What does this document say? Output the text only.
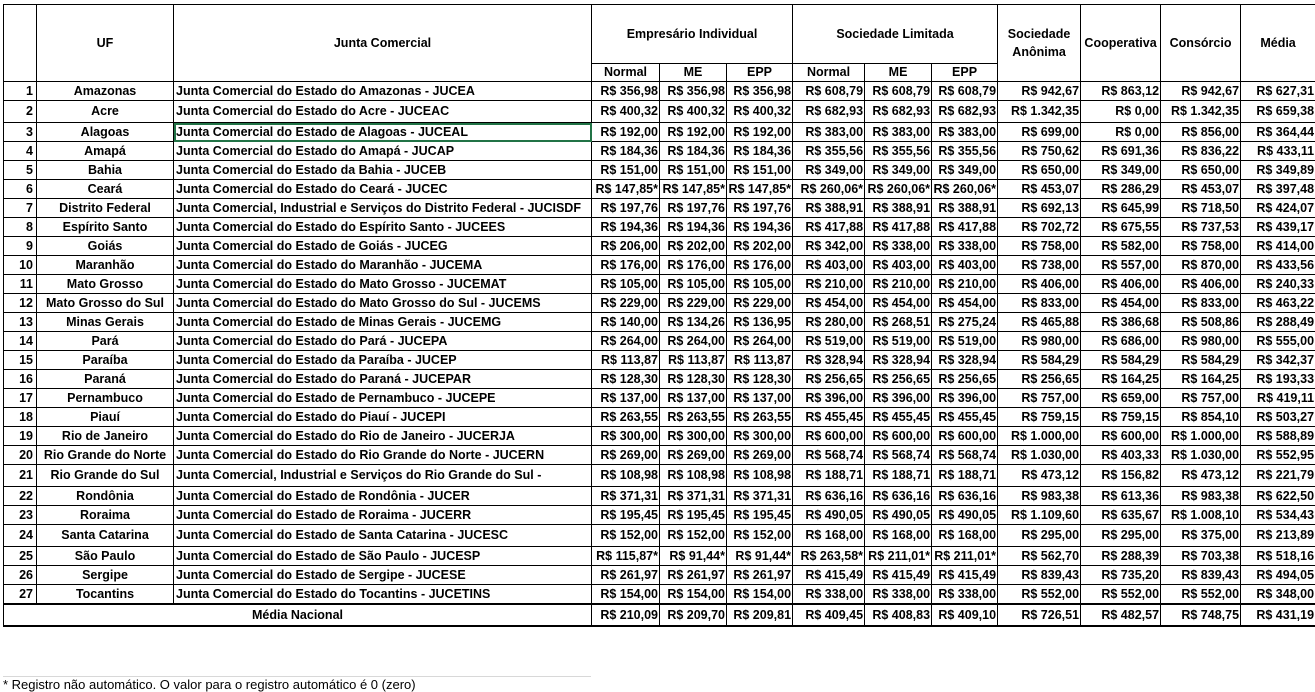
	UF	Junta Comercial	Empresário Individual			Sociedade Limitada			Sociedade Anônima	Cooperativa	Consórcio	Média
			Normal	ME	EPP	Normal	ME	EPP				
1	Amazonas	Junta Comercial do Estado do Amazonas - JUCEA	R$ 356,98	R$ 356,98	R$ 356,98	R$ 608,79	R$ 608,79	R$ 608,79	R$ 942,67	R$ 863,12	R$ 942,67	R$ 627,31
2	Acre	Junta Comercial do Estado do Acre - JUCEAC	R$ 400,32	R$ 400,32	R$ 400,32	R$ 682,93	R$ 682,93	R$ 682,93	R$ 1.342,35	R$ 0,00	R$ 1.342,35	R$ 659,38
3	Alagoas	Junta Comercial do Estado de Alagoas - JUCEAL	R$ 192,00	R$ 192,00	R$ 192,00	R$ 383,00	R$ 383,00	R$ 383,00	R$ 699,00	R$ 0,00	R$ 856,00	R$ 364,44
4	Amapá	Junta Comercial do Estado do Amapá - JUCAP	R$ 184,36	R$ 184,36	R$ 184,36	R$ 355,56	R$ 355,56	R$ 355,56	R$ 750,62	R$ 691,36	R$ 836,22	R$ 433,11
5	Bahia	Junta Comercial do Estado da Bahia - JUCEB	R$ 151,00	R$ 151,00	R$ 151,00	R$ 349,00	R$ 349,00	R$ 349,00	R$ 650,00	R$ 349,00	R$ 650,00	R$ 349,89
6	Ceará	Junta Comercial do Estado do Ceará - JUCEC	R$ 147,85*	R$ 147,85*	R$ 147,85*	R$ 260,06*	R$ 260,06*	R$ 260,06*	R$ 453,07	R$ 286,29	R$ 453,07	R$ 397,48
7	Distrito Federal	Junta Comercial, Industrial e Serviços do Distrito Federal - JUCISDF	R$ 197,76	R$ 197,76	R$ 197,76	R$ 388,91	R$ 388,91	R$ 388,91	R$ 692,13	R$ 645,99	R$ 718,50	R$ 424,07
8	Espírito Santo	Junta Comercial do Estado do Espírito Santo - JUCEES	R$ 194,36	R$ 194,36	R$ 194,36	R$ 417,88	R$ 417,88	R$ 417,88	R$ 702,72	R$ 675,55	R$ 737,53	R$ 439,17
9	Goiás	Junta Comercial do Estado de Goiás - JUCEG	R$ 206,00	R$ 202,00	R$ 202,00	R$ 342,00	R$ 338,00	R$ 338,00	R$ 758,00	R$ 582,00	R$ 758,00	R$ 414,00
10	Maranhão	Junta Comercial do Estado do Maranhão - JUCEMA	R$ 176,00	R$ 176,00	R$ 176,00	R$ 403,00	R$ 403,00	R$ 403,00	R$ 738,00	R$ 557,00	R$ 870,00	R$ 433,56
11	Mato Grosso	Junta Comercial do Estado do Mato Grosso - JUCEMAT	R$ 105,00	R$ 105,00	R$ 105,00	R$ 210,00	R$ 210,00	R$ 210,00	R$ 406,00	R$ 406,00	R$ 406,00	R$ 240,33
12	Mato Grosso do Sul	Junta Comercial do Estado do Mato Grosso do Sul - JUCEMS	R$ 229,00	R$ 229,00	R$ 229,00	R$ 454,00	R$ 454,00	R$ 454,00	R$ 833,00	R$ 454,00	R$ 833,00	R$ 463,22
13	Minas Gerais	Junta Comercial do Estado de Minas Gerais - JUCEMG	R$ 140,00	R$ 134,26	R$ 136,95	R$ 280,00	R$ 268,51	R$ 275,24	R$ 465,88	R$ 386,68	R$ 508,86	R$ 288,49
14	Pará	Junta Comercial do Estado do Pará - JUCEPA	R$ 264,00	R$ 264,00	R$ 264,00	R$ 519,00	R$ 519,00	R$ 519,00	R$ 980,00	R$ 686,00	R$ 980,00	R$ 555,00
15	Paraíba	Junta Comercial do Estado da Paraíba - JUCEP	R$ 113,87	R$ 113,87	R$ 113,87	R$ 328,94	R$ 328,94	R$ 328,94	R$ 584,29	R$ 584,29	R$ 584,29	R$ 342,37
16	Paraná	Junta Comercial do Estado do Paraná - JUCEPAR	R$ 128,30	R$ 128,30	R$ 128,30	R$ 256,65	R$ 256,65	R$ 256,65	R$ 256,65	R$ 164,25	R$ 164,25	R$ 193,33
17	Pernambuco	Junta Comercial do Estado de Pernambuco - JUCEPE	R$ 137,00	R$ 137,00	R$ 137,00	R$ 396,00	R$ 396,00	R$ 396,00	R$ 757,00	R$ 659,00	R$ 757,00	R$ 419,11
18	Piauí	Junta Comercial do Estado do Piauí - JUCEPI	R$ 263,55	R$ 263,55	R$ 263,55	R$ 455,45	R$ 455,45	R$ 455,45	R$ 759,15	R$ 759,15	R$ 854,10	R$ 503,27
19	Rio de Janeiro	Junta Comercial do Estado do Rio de Janeiro - JUCERJA	R$ 300,00	R$ 300,00	R$ 300,00	R$ 600,00	R$ 600,00	R$ 600,00	R$ 1.000,00	R$ 600,00	R$ 1.000,00	R$ 588,89
20	Rio Grande do Norte	Junta Comercial do Estado do Rio Grande do Norte - JUCERN	R$ 269,00	R$ 269,00	R$ 269,00	R$ 568,74	R$ 568,74	R$ 568,74	R$ 1.030,00	R$ 403,33	R$ 1.030,00	R$ 552,95
21	Rio Grande do Sul	Junta Comercial, Industrial e Serviços do Rio Grande do Sul -	R$ 108,98	R$ 108,98	R$ 108,98	R$ 188,71	R$ 188,71	R$ 188,71	R$ 473,12	R$ 156,82	R$ 473,12	R$ 221,79
22	Rondônia	Junta Comercial do Estado de Rondônia - JUCER	R$ 371,31	R$ 371,31	R$ 371,31	R$ 636,16	R$ 636,16	R$ 636,16	R$ 983,38	R$ 613,36	R$ 983,38	R$ 622,50
23	Roraima	Junta Comercial do Estado de Roraima - JUCERR	R$ 195,45	R$ 195,45	R$ 195,45	R$ 490,05	R$ 490,05	R$ 490,05	R$ 1.109,60	R$ 635,67	R$ 1.008,10	R$ 534,43
24	Santa Catarina	Junta Comercial do Estado de Santa Catarina - JUCESC	R$ 152,00	R$ 152,00	R$ 152,00	R$ 168,00	R$ 168,00	R$ 168,00	R$ 295,00	R$ 295,00	R$ 375,00	R$ 213,89
25	São Paulo	Junta Comercial do Estado de São Paulo - JUCESP	R$ 115,87*	R$ 91,44*	R$ 91,44*	R$ 263,58*	R$ 211,01*	R$ 211,01*	R$ 562,70	R$ 288,39	R$ 703,38	R$ 518,16
26	Sergipe	Junta Comercial do Estado de Sergipe - JUCESE	R$ 261,97	R$ 261,97	R$ 261,97	R$ 415,49	R$ 415,49	R$ 415,49	R$ 839,43	R$ 735,20	R$ 839,43	R$ 494,05
27	Tocantins	Junta Comercial do Estado do Tocantins - JUCETINS	R$ 154,00	R$ 154,00	R$ 154,00	R$ 338,00	R$ 338,00	R$ 338,00	R$ 552,00	R$ 552,00	R$ 552,00	R$ 348,00
Média Nacional			R$ 210,09	R$ 209,70	R$ 209,81	R$ 409,45	R$ 408,83	R$ 409,10	R$ 726,51	R$ 482,57	R$ 748,75	R$ 431,19
* Registro não automático. O valor para o registro automático é 0 (zero)
